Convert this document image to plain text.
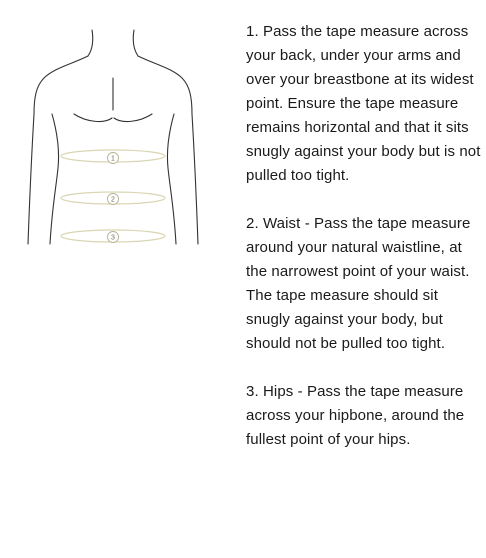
1
2
3
1. Pass the tape measure across your back, under your arms and over your breastbone at its widest point. Ensure the tape measure remains horizontal and that it sits snugly against your body but is not pulled too tight.
2. Waist - Pass the tape measure around your natural waistline, at the narrowest point of your waist. The tape measure should sit snugly against your body, but should not be pulled too tight.
3. Hips - Pass the tape measure across your hipbone, around the fullest point of your hips.
